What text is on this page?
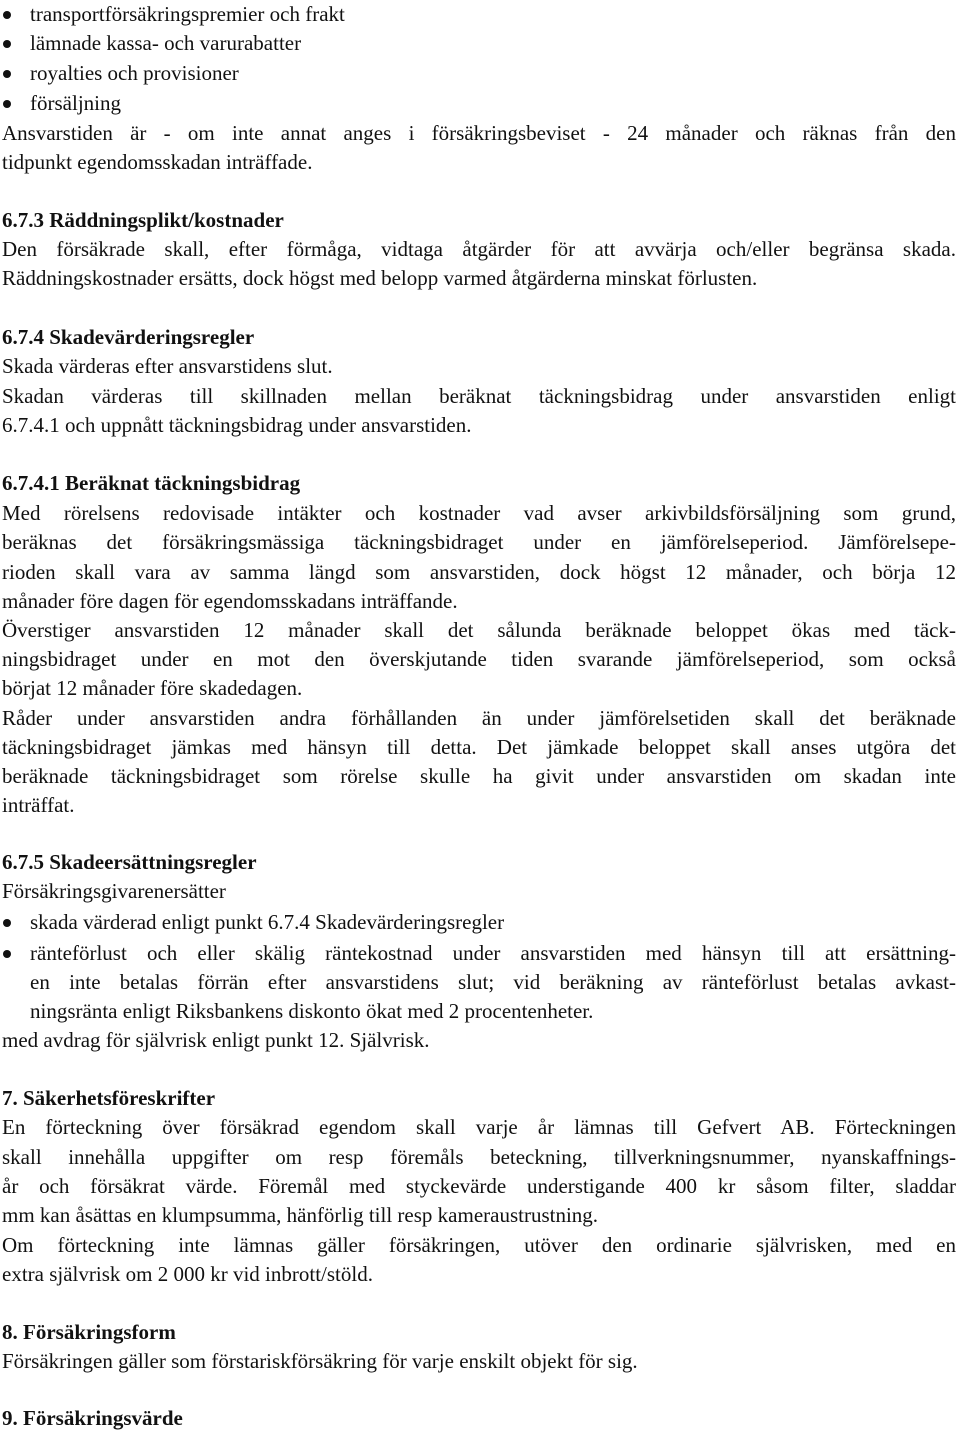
transportförsäkringspremier och frakt
lämnade kassa- och varurabatter
royalties och provisioner
försäljning
Ansvarstiden är - om inte annat anges i försäkringsbeviset - 24 månader och räknas från den
tidpunkt egendomsskadan inträffade.
6.7.3 Räddningsplikt/kostnader
Den försäkrade skall, efter förmåga, vidtaga åtgärder för att avvärja och/eller begränsa skada.
Räddningskostnader ersätts, dock högst med belopp varmed åtgärderna minskat förlusten.
6.7.4 Skadevärderingsregler
Skada värderas efter ansvarstidens slut.
Skadan värderas till skillnaden mellan beräknat täckningsbidrag under ansvarstiden enligt
6.7.4.1 och uppnått täckningsbidrag under ansvarstiden.
6.7.4.1 Beräknat täckningsbidrag
Med rörelsens redovisade intäkter och kostnader vad avser arkivbildsförsäljning som grund,
beräknas det försäkringsmässiga täckningsbidraget under en jämförelseperiod. Jämförelsepe-
rioden skall vara av samma längd som ansvarstiden, dock högst 12 månader, och börja 12
månader före dagen för egendomsskadans inträffande.
Överstiger ansvarstiden 12 månader skall det sålunda beräknade beloppet ökas med täck-
ningsbidraget under en mot den överskjutande tiden svarande jämförelseperiod, som också
börjat 12 månader före skadedagen.
Råder under ansvarstiden andra förhållanden än under jämförelsetiden skall det beräknade
täckningsbidraget jämkas med hänsyn till detta. Det jämkade beloppet skall anses utgöra det
beräknade täckningsbidraget som rörelse skulle ha givit under ansvarstiden om skadan inte
inträffat.
6.7.5 Skadeersättningsregler
Försäkringsgivarenersätter
skada värderad enligt punkt 6.7.4 Skadevärderingsregler
ränteförlust och eller skälig räntekostnad under ansvarstiden med hänsyn till att ersättning-
en inte betalas förrän efter ansvarstidens slut; vid beräkning av ränteförlust betalas avkast-
ningsränta enligt Riksbankens diskonto ökat med 2 procentenheter.
med avdrag för självrisk enligt punkt 12. Självrisk.
7. Säkerhetsföreskrifter
En förteckning över försäkrad egendom skall varje år lämnas till Gefvert AB. Förteckningen
skall innehålla uppgifter om resp föremåls beteckning, tillverkningsnummer, nyanskaffnings-
år och försäkrat värde. Föremål med styckevärde understigande 400 kr såsom filter, sladdar
mm kan åsättas en klumpsumma, hänförlig till resp kameraustrustning.
Om förteckning inte lämnas gäller försäkringen, utöver den ordinarie självrisken, med en
extra självrisk om 2 000 kr vid inbrott/stöld.
8. Försäkringsform
Försäkringen gäller som förstariskförsäkring för varje enskilt objekt för sig.
9. Försäkringsvärde
